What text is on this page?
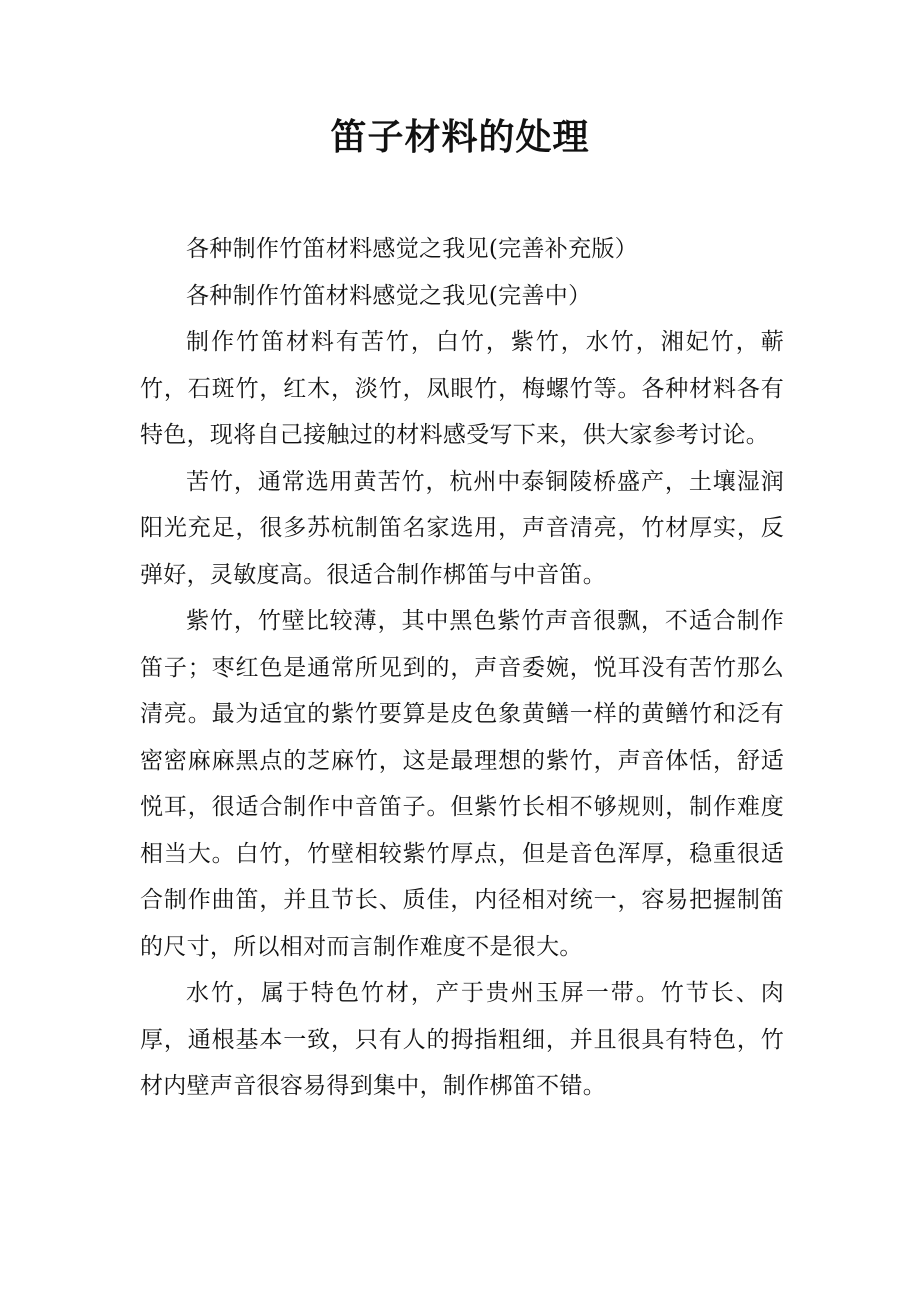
笛子材料的处理

各种制作竹笛材料感觉之我见(完善补充版）

各种制作竹笛材料感觉之我见(完善中）

制作竹笛材料有苦竹，白竹，紫竹，水竹，湘妃竹，蕲竹，石斑竹，红木，淡竹，凤眼竹，梅螺竹等。各种材料各有特色，现将自己接触过的材料感受写下来，供大家参考讨论。

苦竹，通常选用黄苦竹，杭州中泰铜陵桥盛产，土壤湿润阳光充足，很多苏杭制笛名家选用，声音清亮，竹材厚实，反弹好，灵敏度高。很适合制作梆笛与中音笛。

紫竹，竹壁比较薄，其中黑色紫竹声音很飘，不适合制作笛子；枣红色是通常所见到的，声音委婉，悦耳没有苦竹那么清亮。最为适宜的紫竹要算是皮色象黄鳝一样的黄鳝竹和泛有密密麻麻黑点的芝麻竹，这是最理想的紫竹，声音体恬，舒适悦耳，很适合制作中音笛子。但紫竹长相不够规则，制作难度相当大。白竹，竹壁相较紫竹厚点，但是音色浑厚，稳重很适合制作曲笛，并且节长、质佳，内径相对统一，容易把握制笛的尺寸，所以相对而言制作难度不是很大。

水竹，属于特色竹材，产于贵州玉屏一带。竹节长、肉厚，通根基本一致，只有人的拇指粗细，并且很具有特色，竹材内壁声音很容易得到集中，制作梆笛不错。
